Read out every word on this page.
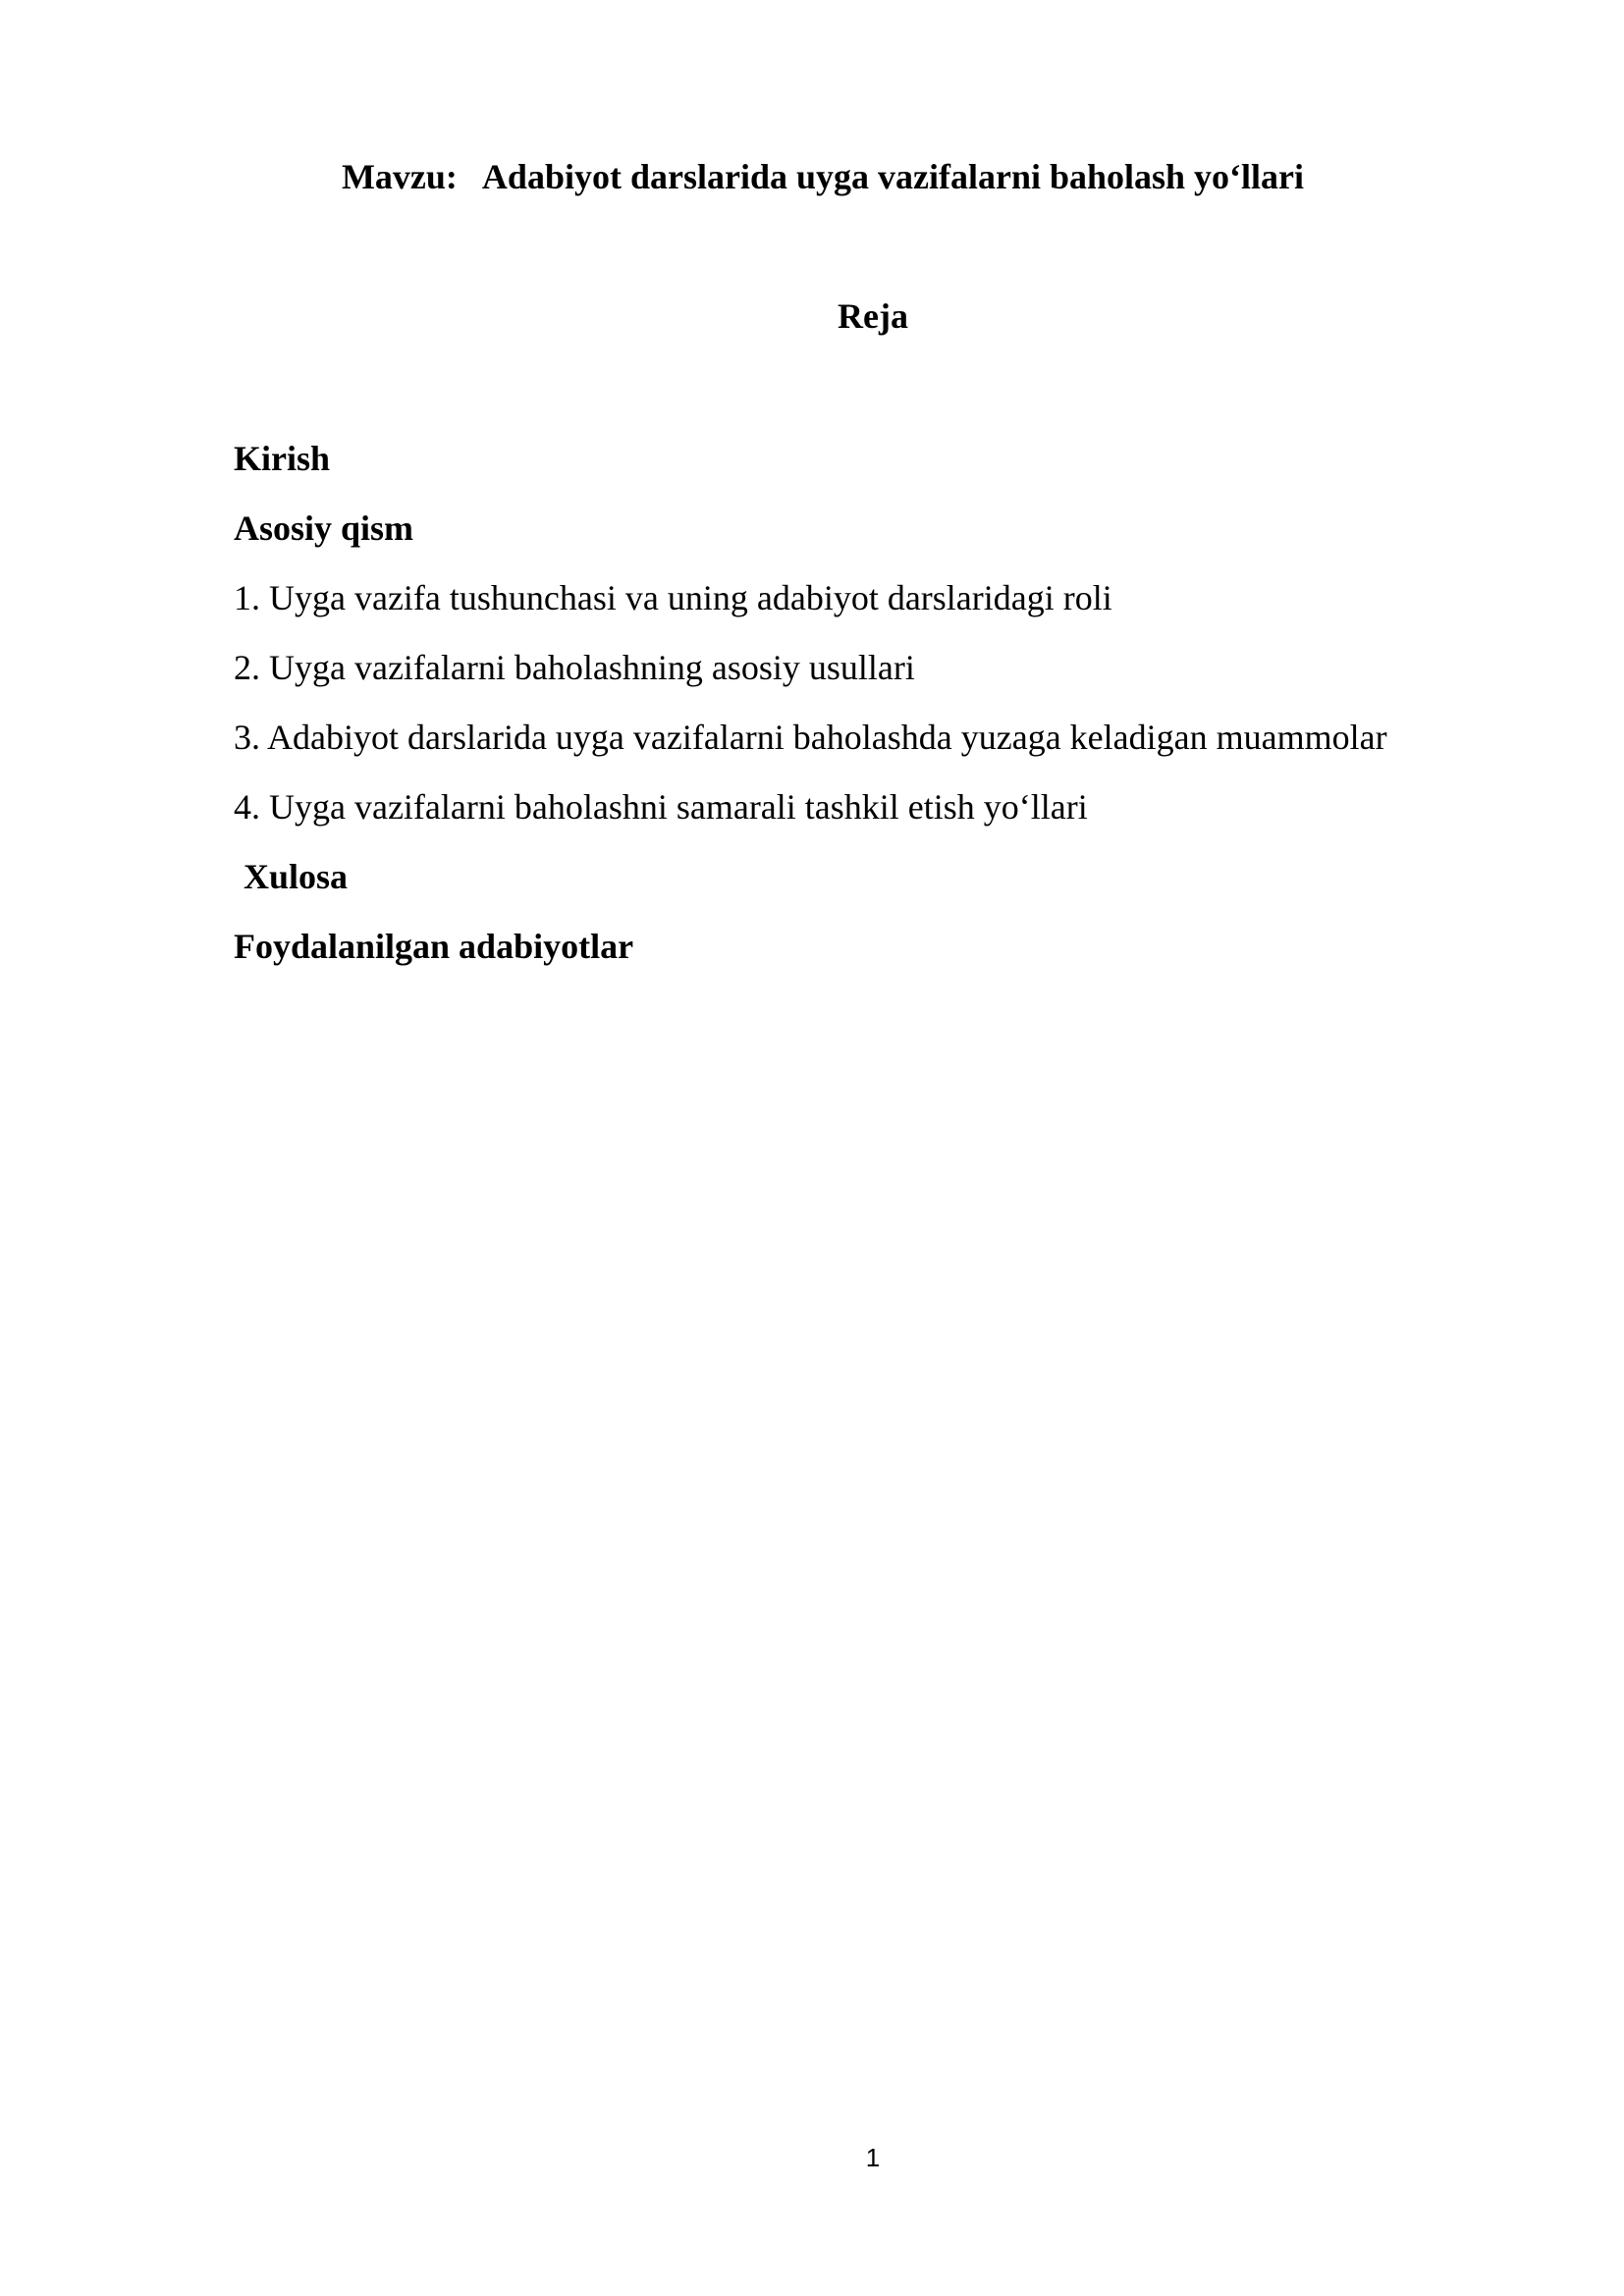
Mavzu:   Adabiyot darslarida uyga vazifalarni baholash yo‘llari
Reja
Kirish
Asosiy qism
1. Uyga vazifa tushunchasi va uning adabiyot darslaridagi roli
2. Uyga vazifalarni baholashning asosiy usullari
3. Adabiyot darslarida uyga vazifalarni baholashda yuzaga keladigan muammolar
4. Uyga vazifalarni baholashni samarali tashkil etish yo‘llari
Xulosa
Foydalanilgan adabiyotlar
1
